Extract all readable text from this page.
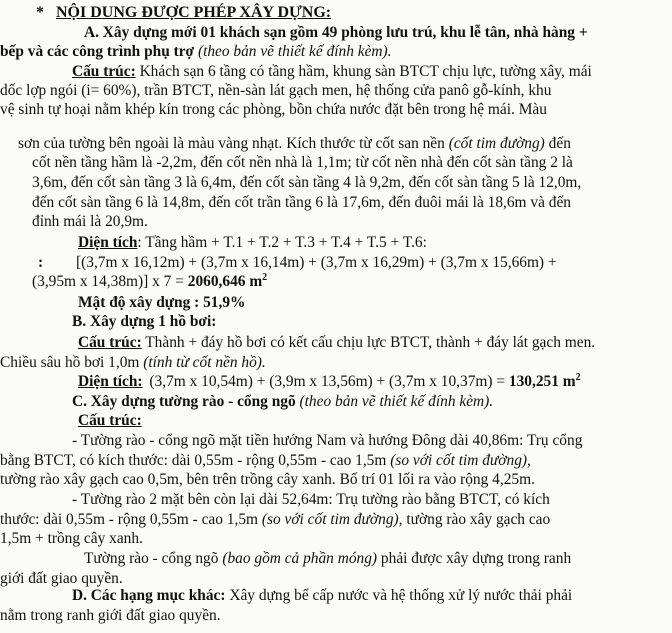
* NỘI DUNG ĐƯỢC PHÉP XÂY DỰNG:
A. Xây dựng mới 01 khách sạn gồm 49 phòng lưu trú, khu lễ tân, nhà hàng +
bếp và các công trình phụ trợ (theo bản vẽ thiết kế đính kèm).
Cấu trúc: Khách sạn 6 tầng có tầng hầm, khung sàn BTCT chịu lực, tường xây, mái
dốc lợp ngói (i= 60%), trần BTCT, nền-sàn lát gạch men, hệ thống cửa panô gỗ-kính, khu
vệ sinh tự hoại nằm khép kín trong các phòng, bồn chứa nước đặt bên trong hệ mái. Màu
sơn của tường bên ngoài là màu vàng nhạt. Kích thước từ cốt san nền (cốt tim đường) đến
cốt nền tầng hầm là -2,2m, đến cốt nền nhà là 1,1m; từ cốt nền nhà đến cốt sàn tầng 2 là
3,6m, đến cốt sàn tầng 3 là 6,4m, đến cốt sàn tầng 4 là 9,2m, đến cốt sàn tầng 5 là 12,0m,
đến cốt sàn tầng 6 là 14,8m, đến cốt trần tầng 6 là 17,6m, đến đuôi mái là 18,6m và đến
đỉnh mái là 20,9m.
Diện tích: Tầng hầm + T.1 + T.2 + T.3 + T.4 + T.5 + T.6:
:	[(3,7m x 16,12m) + (3,7m x 16,14m) + (3,7m x 16,29m) + (3,7m x 15,66m) +
(3,95m x 14,38m)] x 7 = 2060,646 $m^2$
Mật độ xây dựng : 51,9%
B. Xây dựng 1 hồ bơi:
Cấu trúc: Thành + đáy hồ bơi có kết cấu chịu lực BTCT, thành + đáy lát gạch men.
Chiều sâu hồ bơi 1,0m (tính từ cốt nền hồ).
Diện tích: (3,7m x 10,54m) + (3,9m x 13,56m) + (3,7m x 10,37m) = 130,251 $m^2$
C. Xây dựng tường rào - cổng ngõ (theo bản vẽ thiết kế đính kèm).
Cấu trúc:
- Tường rào - cổng ngõ mặt tiền hướng Nam và hướng Đông dài 40,86m: Trụ cổng
bằng BTCT, có kích thước: dài 0,55m - rộng 0,55m - cao 1,5m (so với cốt tim đường),
tường rào xây gạch cao 0,5m, bên trên trồng cây xanh. Bố trí 01 lối ra vào rộng 4,25m.
- Tường rào 2 mặt bên còn lại dài 52,64m: Trụ tường rào bằng BTCT, có kích
thước: dài 0,55m - rộng 0,55m - cao 1,5m (so với cốt tim đường), tường rào xây gạch cao
1,5m + trồng cây xanh.
Tường rào - cổng ngõ (bao gồm cả phần móng) phải được xây dựng trong ranh
giới đất giao quyền.
D. Các hạng mục khác: Xây dựng bể cấp nước và hệ thống xử lý nước thải phải
nằm trong ranh giới đất giao quyền.
